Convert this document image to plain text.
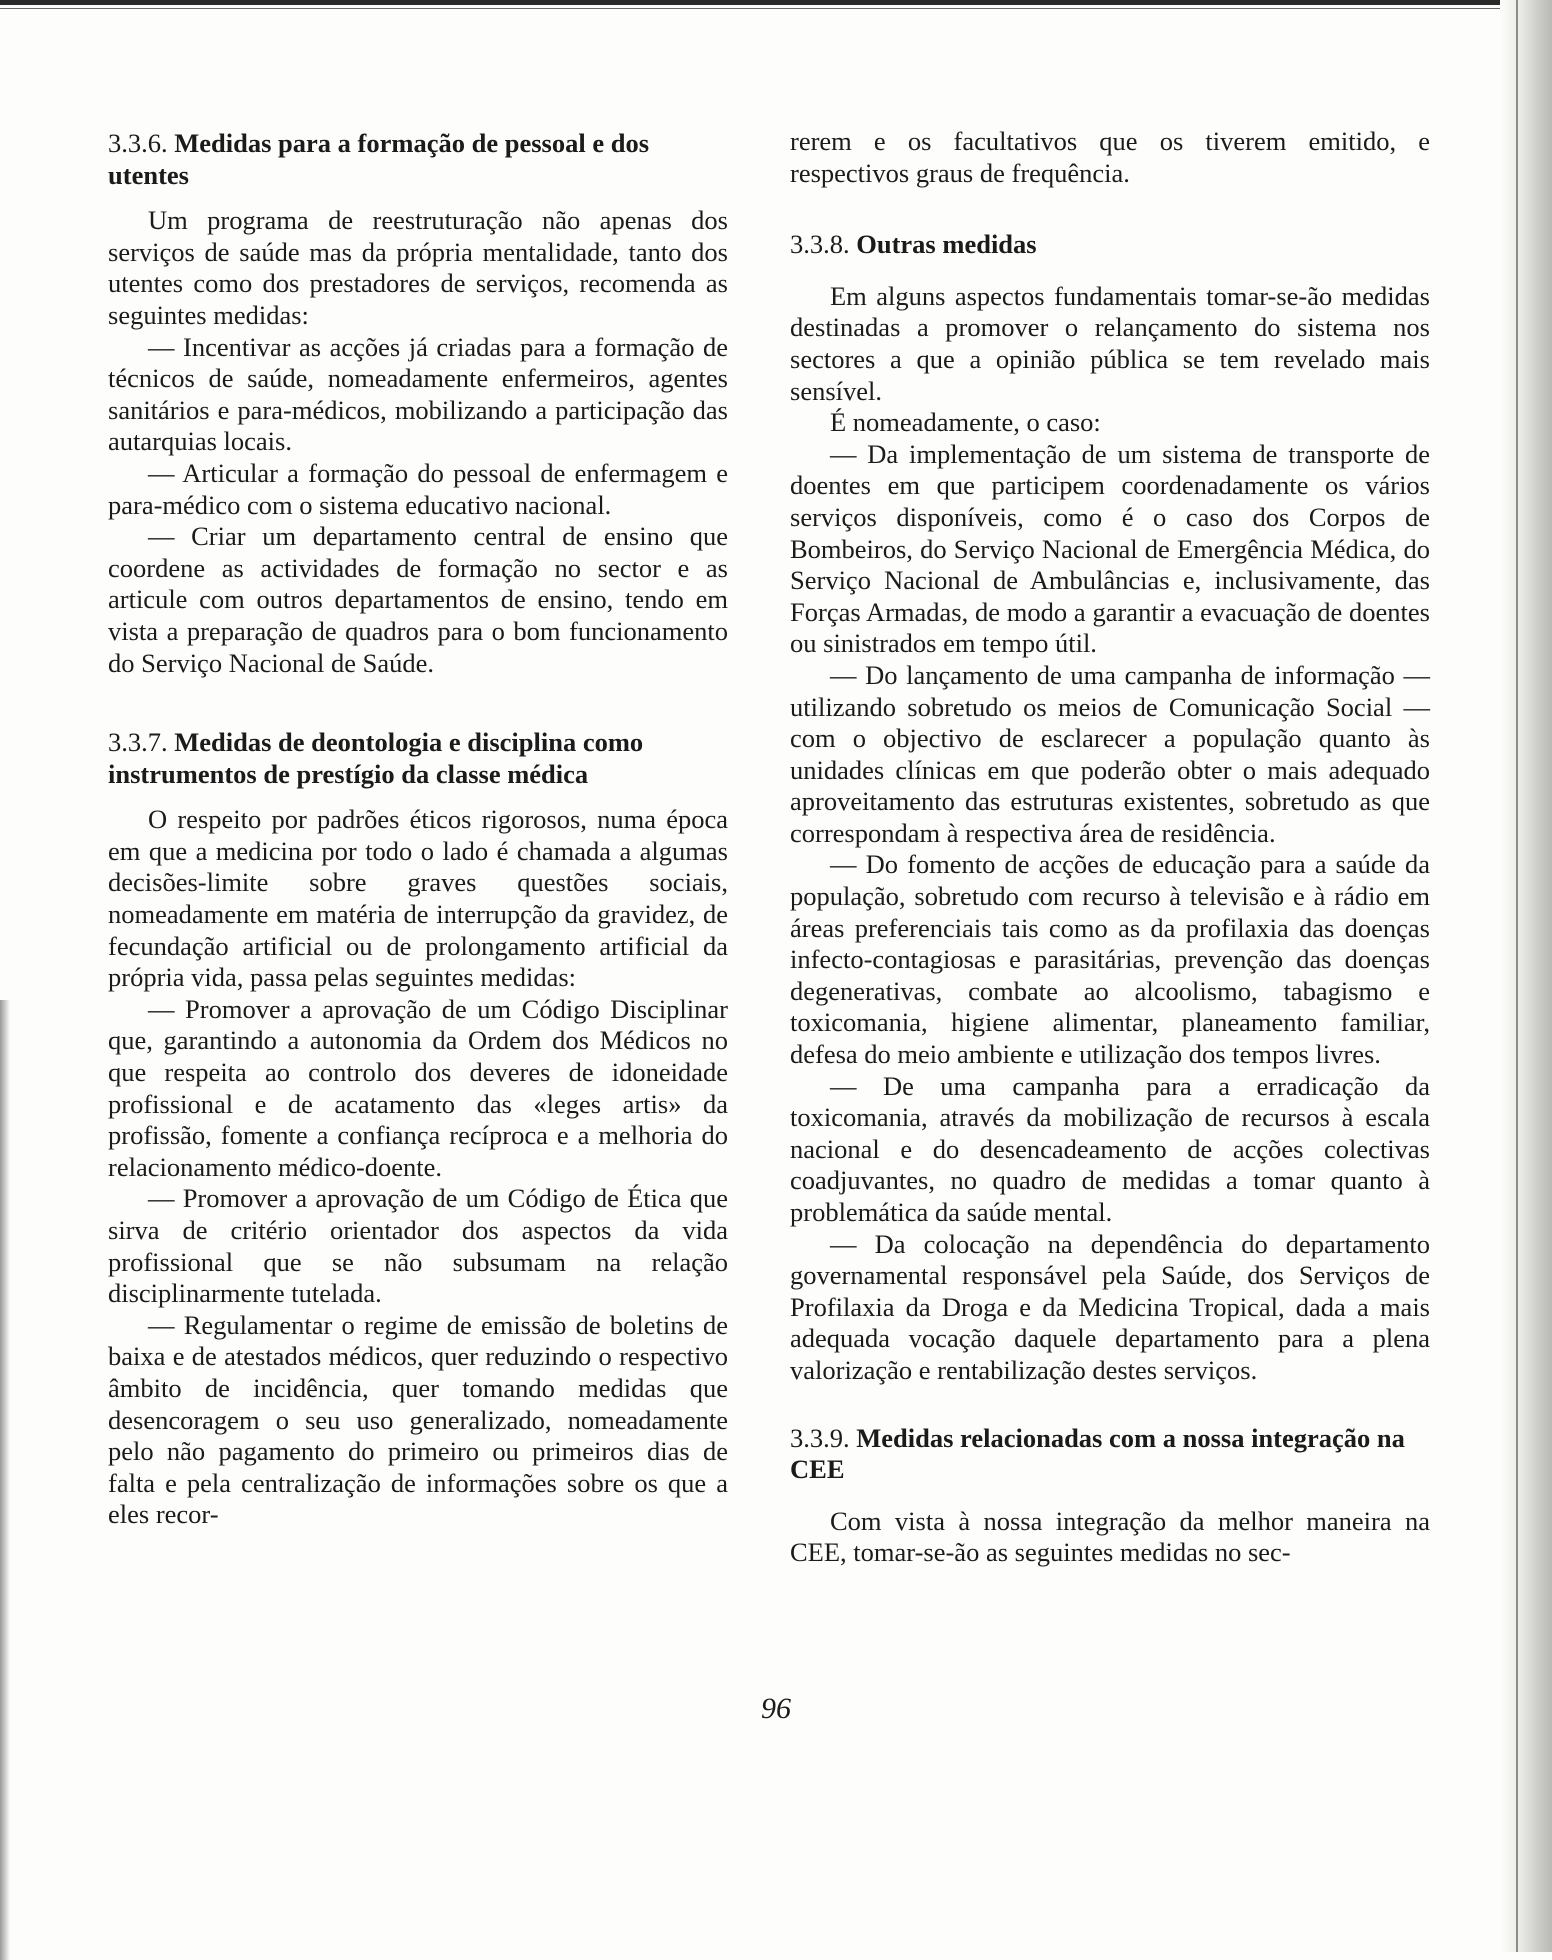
3.3.6. Medidas para a formação de pessoal e dos utentes

Um programa de reestruturação não apenas dos serviços de saúde mas da própria mentalidade, tanto dos utentes como dos prestadores de serviços, recomenda as seguintes medidas:

— Incentivar as acções já criadas para a formação de técnicos de saúde, nomeadamente enfermeiros, agentes sanitários e para-médicos, mobilizando a participação das autarquias locais.

— Articular a formação do pessoal de enfermagem e para-médico com o sistema educativo nacional.

— Criar um departamento central de ensino que coordene as actividades de formação no sector e as articule com outros departamentos de ensino, tendo em vista a preparação de quadros para o bom funcionamento do Serviço Nacional de Saúde.

3.3.7. Medidas de deontologia e disciplina como instrumentos de prestígio da classe médica

O respeito por padrões éticos rigorosos, numa época em que a medicina por todo o lado é chamada a algumas decisões-limite sobre graves questões sociais, nomeadamente em matéria de interrupção da gravidez, de fecundação artificial ou de prolongamento artificial da própria vida, passa pelas seguintes medidas:

— Promover a aprovação de um Código Disciplinar que, garantindo a autonomia da Ordem dos Médicos no que respeita ao controlo dos deveres de idoneidade profissional e de acatamento das «leges artis» da profissão, fomente a confiança recíproca e a melhoria do relacionamento médico-doente.

— Promover a aprovação de um Código de Ética que sirva de critério orientador dos aspectos da vida profissional que se não subsumam na relação disciplinarmente tutelada.

— Regulamentar o regime de emissão de boletins de baixa e de atestados médicos, quer reduzindo o respectivo âmbito de incidência, quer tomando medidas que desencoragem o seu uso generalizado, nomeadamente pelo não pagamento do primeiro ou primeiros dias de falta e pela centralização de informações sobre os que a eles recor-

rerem e os facultativos que os tiverem emitido, e respectivos graus de frequência.

3.3.8. Outras medidas

Em alguns aspectos fundamentais tomar-se-ão medidas destinadas a promover o relançamento do sistema nos sectores a que a opinião pública se tem revelado mais sensível.

É nomeadamente, o caso:

— Da implementação de um sistema de transporte de doentes em que participem coordenadamente os vários serviços disponíveis, como é o caso dos Corpos de Bombeiros, do Serviço Nacional de Emergência Médica, do Serviço Nacional de Ambulâncias e, inclusivamente, das Forças Armadas, de modo a garantir a evacuação de doentes ou sinistrados em tempo útil.

— Do lançamento de uma campanha de informação — utilizando sobretudo os meios de Comunicação Social — com o objectivo de esclarecer a população quanto às unidades clínicas em que poderão obter o mais adequado aproveitamento das estruturas existentes, sobretudo as que correspondam à respectiva área de residência.

— Do fomento de acções de educação para a saúde da população, sobretudo com recurso à televisão e à rádio em áreas preferenciais tais como as da profilaxia das doenças infecto-contagiosas e parasitárias, prevenção das doenças degenerativas, combate ao alcoolismo, tabagismo e toxicomania, higiene alimentar, planeamento familiar, defesa do meio ambiente e utilização dos tempos livres.

— De uma campanha para a erradicação da toxicomania, através da mobilização de recursos à escala nacional e do desencadeamento de acções colectivas coadjuvantes, no quadro de medidas a tomar quanto à problemática da saúde mental.

— Da colocação na dependência do departamento governamental responsável pela Saúde, dos Serviços de Profilaxia da Droga e da Medicina Tropical, dada a mais adequada vocação daquele departamento para a plena valorização e rentabilização destes serviços.

3.3.9. Medidas relacionadas com a nossa integração na CEE

Com vista à nossa integração da melhor maneira na CEE, tomar-se-ão as seguintes medidas no sec-

96
